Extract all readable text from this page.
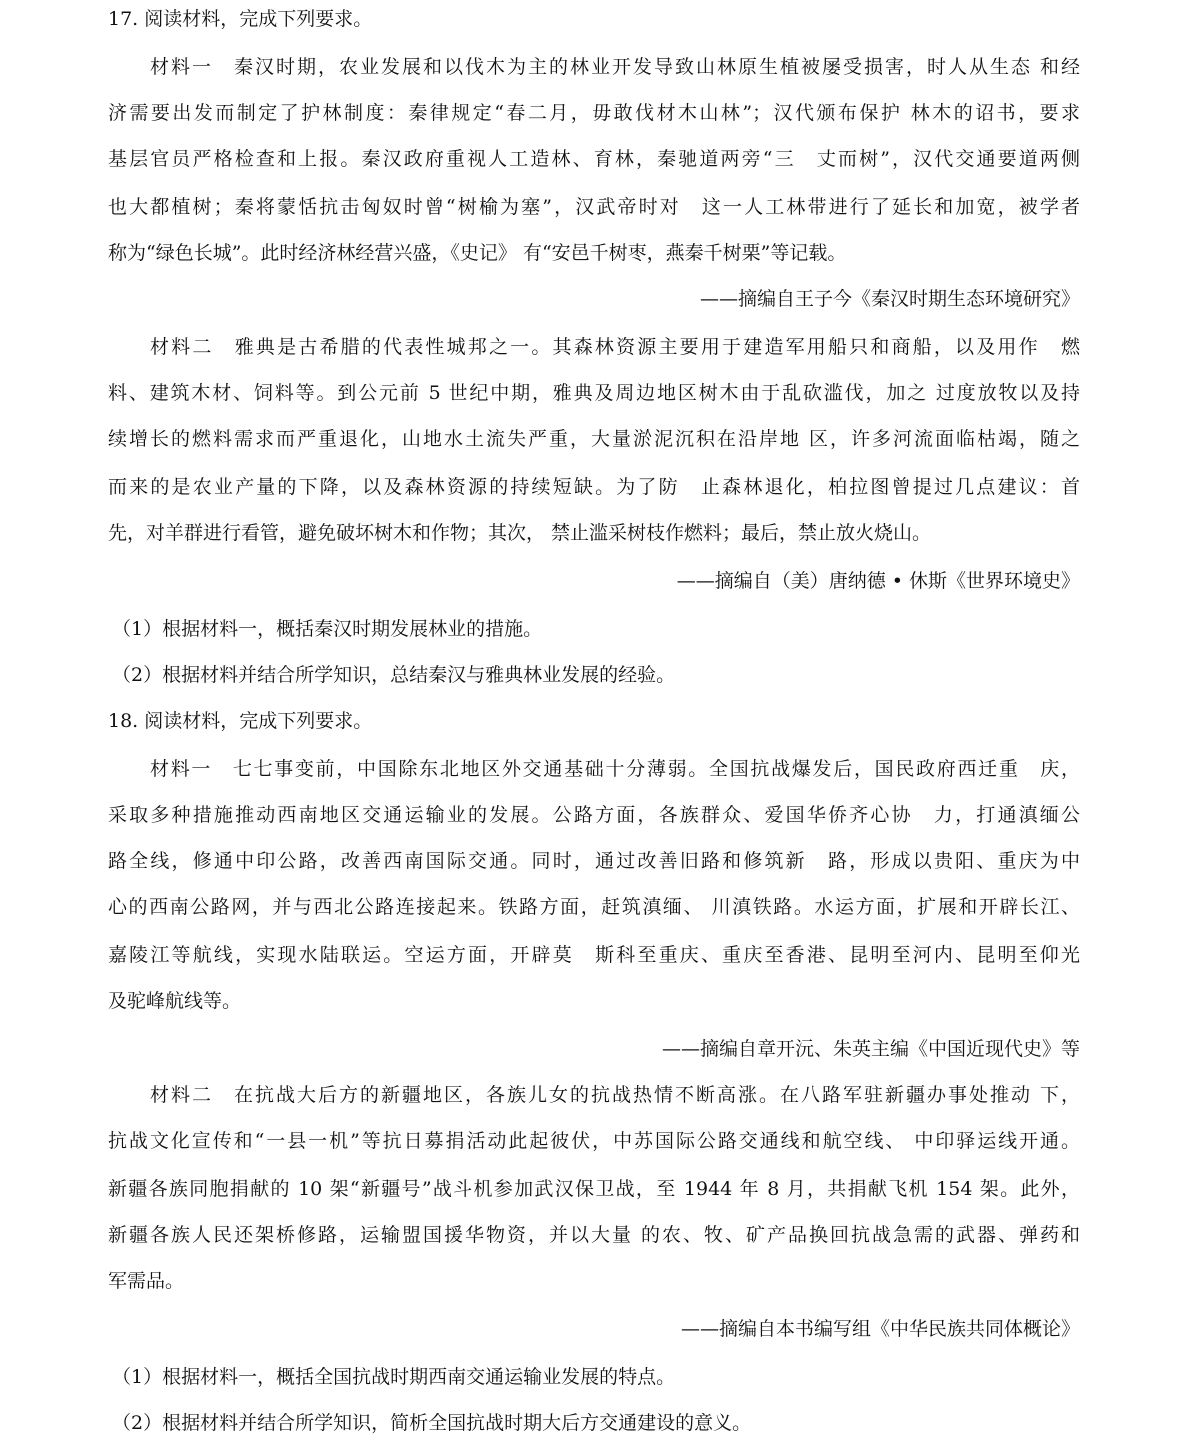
17. 阅读材料，完成下列要求。
材料一　秦汉时期，农业发展和以伐木为主的林业开发导致山林原生植被屡受损害，时人从生态 和经
济需要出发而制定了护林制度：秦律规定“春二月，毋敢伐材木山林”；汉代颁布保护 林木的诏书，要求
基层官员严格检查和上报。秦汉政府重视人工造林、育林，秦驰道两旁“三　丈而树”，汉代交通要道两侧
也大都植树；秦将蒙恬抗击匈奴时曾“树榆为塞”，汉武帝时对　这一人工林带进行了延长和加宽，被学者
称为“绿色长城”。此时经济林经营兴盛，《史记》 有“安邑千树枣，燕秦千树栗”等记载。
——摘编自王子今《秦汉时期生态环境研究》
材料二　雅典是古希腊的代表性城邦之一。其森林资源主要用于建造军用船只和商船，以及用作　燃
料、建筑木材、饲料等。到公元前 5 世纪中期，雅典及周边地区树木由于乱砍滥伐，加之 过度放牧以及持
续增长的燃料需求而严重退化，山地水土流失严重，大量淤泥沉积在沿岸地 区，许多河流面临枯竭，随之
而来的是农业产量的下降，以及森林资源的持续短缺。为了防　止森林退化，柏拉图曾提过几点建议：首
先，对羊群进行看管，避免破坏树木和作物；其次， 禁止滥采树枝作燃料；最后，禁止放火烧山。
——摘编自（美）唐纳德 • 休斯《世界环境史》
（1）根据材料一，概括秦汉时期发展林业的措施。
（2）根据材料并结合所学知识，总结秦汉与雅典林业发展的经验。
18. 阅读材料，完成下列要求。
材料一　七七事变前，中国除东北地区外交通基础十分薄弱。全国抗战爆发后，国民政府西迁重　庆，
采取多种措施推动西南地区交通运输业的发展。公路方面，各族群众、爱国华侨齐心协　力，打通滇缅公
路全线，修通中印公路，改善西南国际交通。同时，通过改善旧路和修筑新　路，形成以贵阳、重庆为中
心的西南公路网，并与西北公路连接起来。铁路方面，赶筑滇缅、 川滇铁路。水运方面，扩展和开辟长江、
嘉陵江等航线，实现水陆联运。空运方面，开辟莫　斯科至重庆、重庆至香港、昆明至河内、昆明至仰光
及驼峰航线等。
——摘编自章开沅、朱英主编《中国近现代史》等
材料二　在抗战大后方的新疆地区，各族儿女的抗战热情不断高涨。在八路军驻新疆办事处推动 下，
抗战文化宣传和“一县一机”等抗日募捐活动此起彼伏，中苏国际公路交通线和航空线、 中印驿运线开通。
新疆各族同胞捐献的 10 架“新疆号”战斗机参加武汉保卫战，至 1944 年 8 月，共捐献飞机 154 架。此外，
新疆各族人民还架桥修路，运输盟国援华物资，并以大量 的农、牧、矿产品换回抗战急需的武器、弹药和
军需品。
——摘编自本书编写组《中华民族共同体概论》
（1）根据材料一，概括全国抗战时期西南交通运输业发展的特点。
（2）根据材料并结合所学知识，简析全国抗战时期大后方交通建设的意义。
